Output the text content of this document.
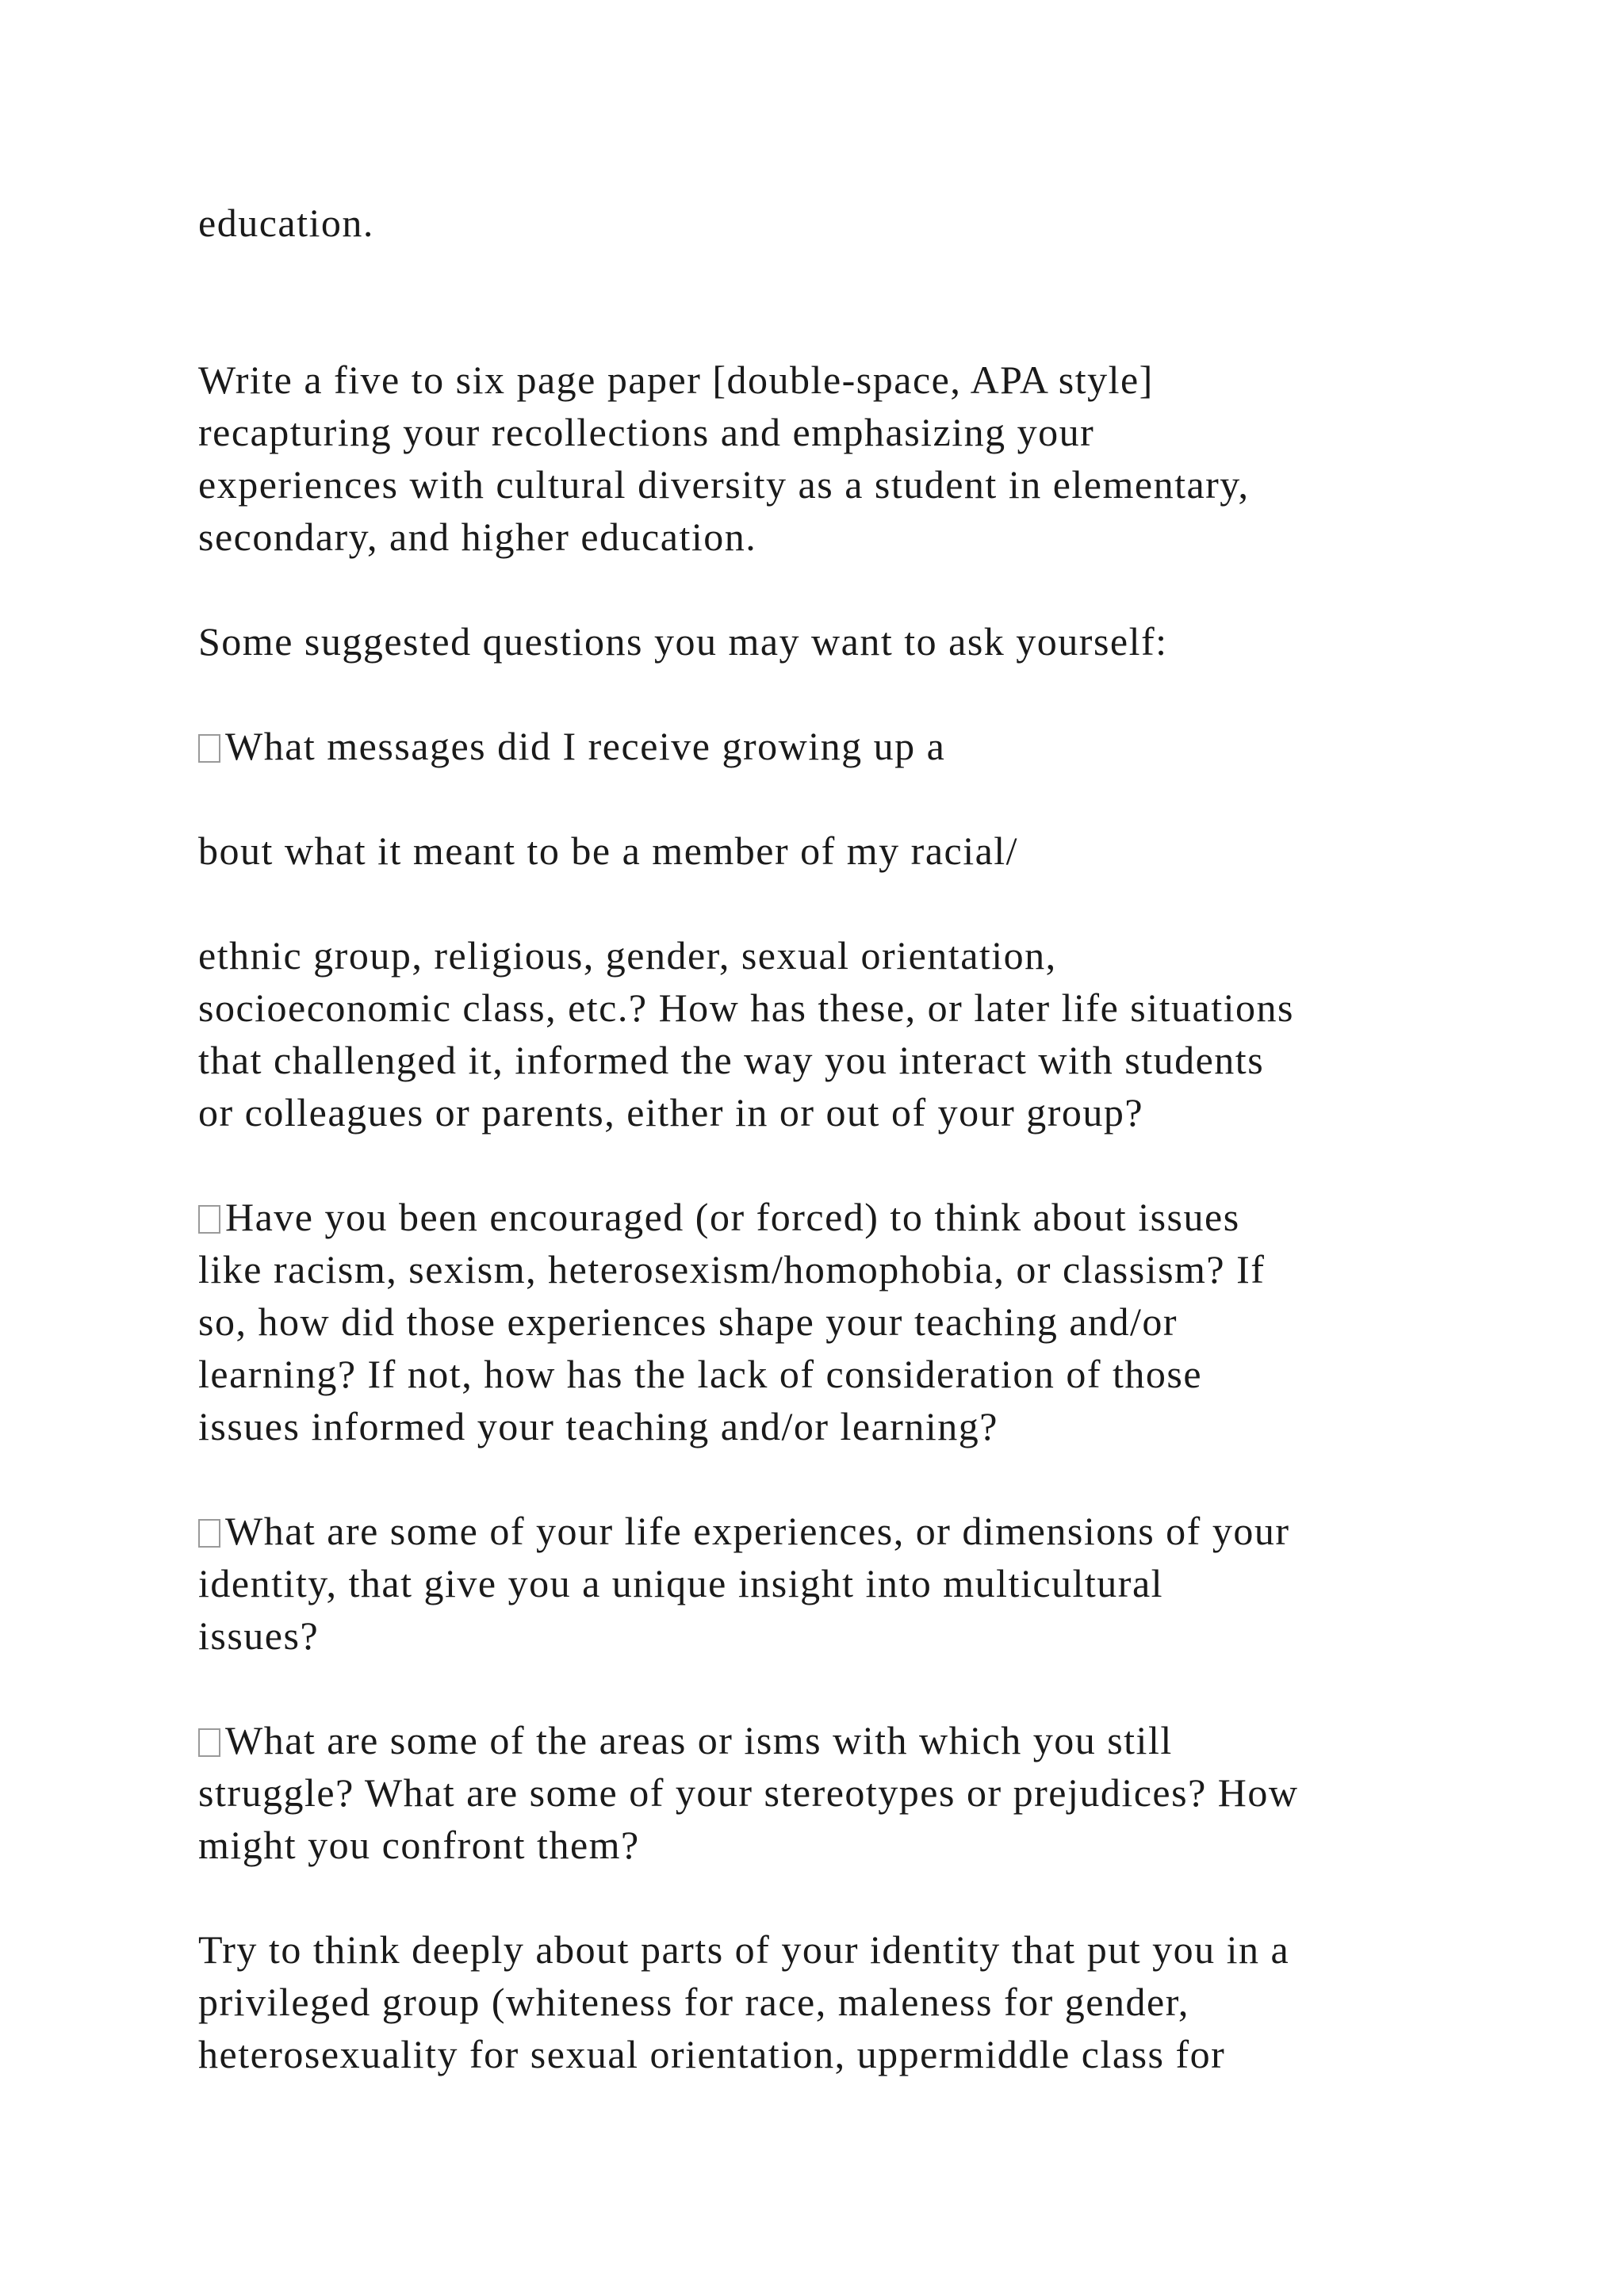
education.

Write a five to six page paper [double-space, APA style]

recapturing your recollections and emphasizing your

experiences with cultural diversity as a student in elementary,

secondary, and higher education.

Some suggested questions you may want to ask yourself:

What messages did I receive growing up a

bout what it meant to be a member of my racial/

ethnic group, religious, gender, sexual orientation,

socioeconomic class, etc.? How has these, or later life situations

that challenged it, informed the way you interact with students

or colleagues or parents, either in or out of your group?

Have you been encouraged (or forced) to think about issues

like racism, sexism, heterosexism/homophobia, or classism? If

so, how did those experiences shape your teaching and/or

learning? If not, how has the lack of consideration of those

issues informed your teaching and/or learning?

What are some of your life experiences, or dimensions of your

identity, that give you a unique insight into multicultural

issues?

What are some of the areas or isms with which you still

struggle? What are some of your stereotypes or prejudices? How

might you confront them?

Try to think deeply about parts of your identity that put you in a

privileged group (whiteness for race, maleness for gender,

heterosexuality for sexual orientation, uppermiddle class for
